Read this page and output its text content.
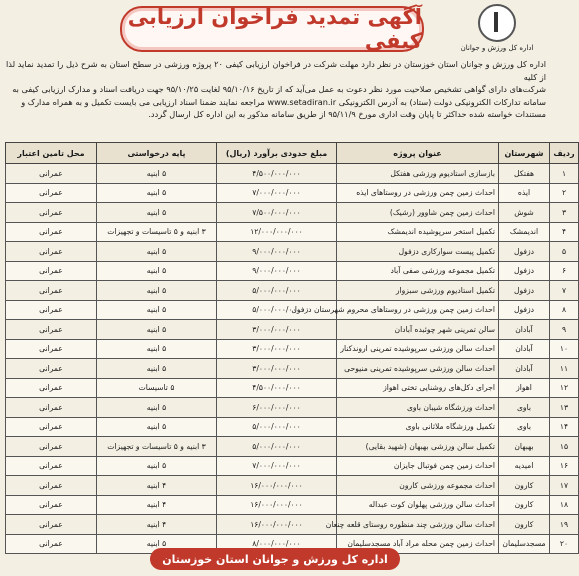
آگهی تمدید فراخوان ارزیابی کیفی	اداره کل ورزش و جوانان

اداره کل ورزش و جوانان استان خوزستان در نظر دارد مهلت شرکت در فراخوان ارزیابی کیفی ۲۰ پروژه ورزشی در سطح استان به شرح ذیل را تمدید نماید لذا از کلیه

شرکت‌های دارای گواهی تشخیص صلاحیت مورد نظر دعوت به عمل می‌آید که از تاریخ ۹۵/۱۰/۱۶ لغایت ۹۵/۱۰/۲۵ جهت دریافت اسناد و مدارک ارزیابی کیفی به

سامانه تدارکات الکترونیکی دولت (ستاد) به آدرس الکترونیکی www.setadiran.ir مراجعه نمایند ضمنا اسناد ارزیابی می بایست تکمیل و به همراه مدارک و

مستندات خواسته شده حداکثر تا پایان وقت اداری مورخ ۹۵/۱۱/۹ از طریق سامانه مذکور به این اداره کل ارسال گردد.

ردیف	شهرستان	عنوان پروژه	مبلغ حدودی برآورد (ریال)	پایه درخواستی	محل تامین اعتبار
۱	هفتکل	بازسازی استادیوم ورزشی هفتکل	۴/۵۰۰/۰۰۰/۰۰۰	۵ ابنیه	عمرانی
۲	ایذه	احداث زمین چمن ورزشی در روستاهای ایذه	۷/۰۰۰/۰۰۰/۰۰۰	۵ ابنیه	عمرانی
۳	شوش	احداث زمین چمن شاوور (رشیک)	۷/۵۰۰/۰۰۰/۰۰۰	۵ ابنیه	عمرانی
۴	اندیمشک	تکمیل استخر سرپوشیده اندیمشک	۱۲/۰۰۰/۰۰۰/۰۰۰	۳ ابنیه و ۵ تاسیسات و تجهیزات	عمرانی
۵	دزفول	تکمیل پیست سوارکاری دزفول	۹/۰۰۰/۰۰۰/۰۰۰	۵ ابنیه	عمرانی
۶	دزفول	تکمیل مجموعه ورزشی صفی آباد	۹/۰۰۰/۰۰۰/۰۰۰	۵ ابنیه	عمرانی
۷	دزفول	تکمیل استادیوم ورزشی سبزوار	۵/۰۰۰/۰۰۰/۰۰۰	۵ ابنیه	عمرانی
۸	دزفول	احداث زمین چمن ورزشی در روستاهای محروم شهرستان دزفول	۵/۰۰۰/۰۰۰/۰۰۰	۵ ابنیه	عمرانی
۹	آبادان	سالن تمرینی شهر چوئبده آبادان	۳/۰۰۰/۰۰۰/۰۰۰	۵ ابنیه	عمرانی
۱۰	آبادان	احداث سالن ورزشی سرپوشیده تمرینی اروندکنار	۳/۰۰۰/۰۰۰/۰۰۰	۵ ابنیه	عمرانی
۱۱	آبادان	احداث سالن ورزشی سرپوشیده تمرینی منیوحی	۳/۰۰۰/۰۰۰/۰۰۰	۵ ابنیه	عمرانی
۱۲	اهواز	اجرای دکل‌های روشنایی تختی اهواز	۴/۵۰۰/۰۰۰/۰۰۰	۵ تاسیسات	عمرانی
۱۳	باوی	احداث ورزشگاه شیبان باوی	۶/۰۰۰/۰۰۰/۰۰۰	۵ ابنیه	عمرانی
۱۴	باوی	تکمیل ورزشگاه ملاثانی باوی	۵/۰۰۰/۰۰۰/۰۰۰	۵ ابنیه	عمرانی
۱۵	بهبهان	تکمیل سالن ورزشی بهبهان (شهید بقایی)	۵/۰۰۰/۰۰۰/۰۰۰	۳ ابنیه و ۵ تاسیسات و تجهیزات	عمرانی
۱۶	امیدیه	احداث زمین چمن فوتبال جایزان	۷/۰۰۰/۰۰۰/۰۰۰	۵ ابنیه	عمرانی
۱۷	کارون	احداث مجموعه ورزشی کارون	۱۶/۰۰۰/۰۰۰/۰۰۰	۴ ابنیه	عمرانی
۱۸	کارون	احداث سالن ورزشی پهلوان کوت عبداله	۱۶/۰۰۰/۰۰۰/۰۰۰	۴ ابنیه	عمرانی
۱۹	کارون	احداث سالن ورزشی چند منظوره روستای قلعه چنعان	۱۶/۰۰۰/۰۰۰/۰۰۰	۴ ابنیه	عمرانی
۲۰	مسجدسلیمان	احداث زمین چمن محله مراد آباد مسجدسلیمان	۸/۰۰۰/۰۰۰/۰۰۰	۵ ابنیه	عمرانی
اداره کل ورزش و جوانان استان خوزستان
